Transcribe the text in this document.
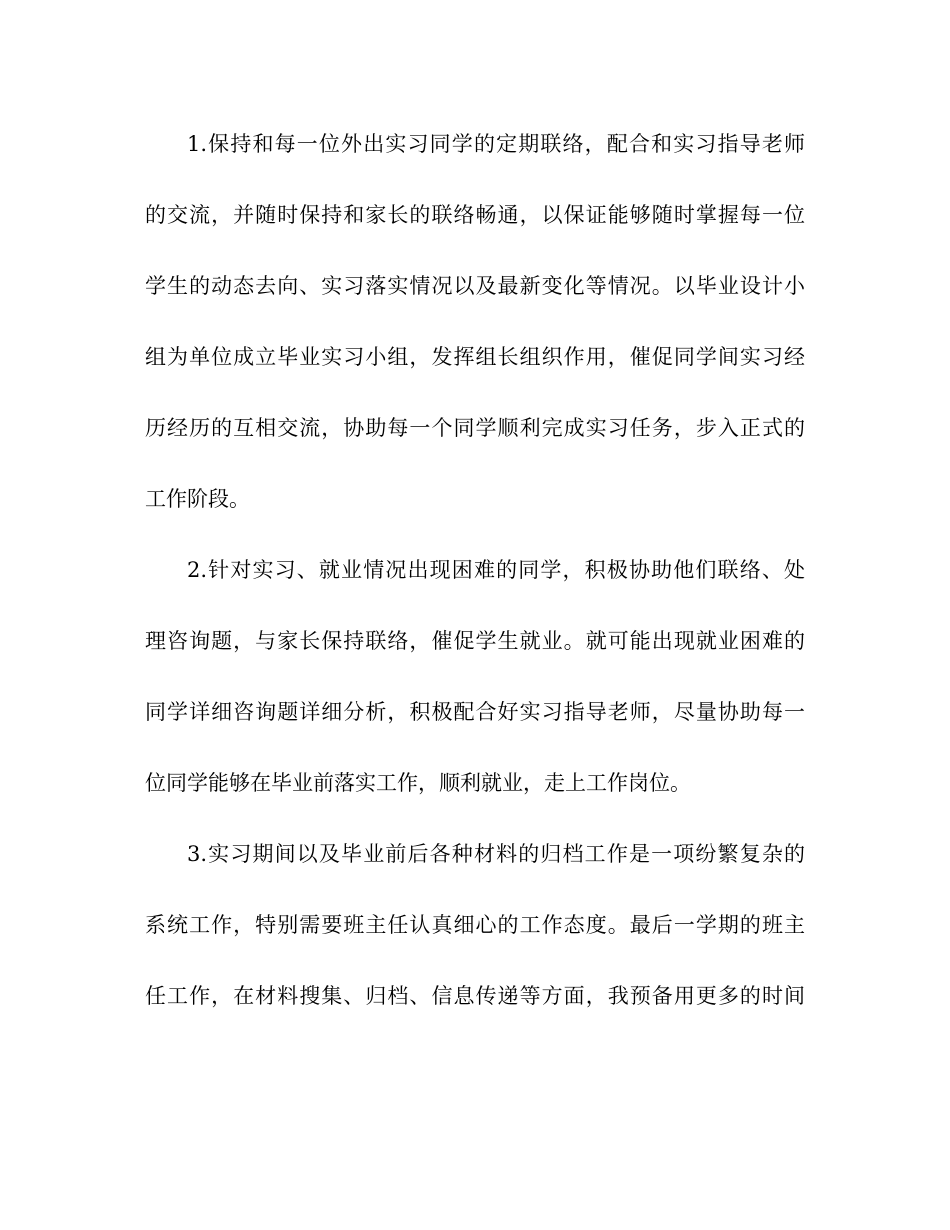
1.保持和每一位外出实习同学的定期联络，配合和实习指导老师
的交流，并随时保持和家长的联络畅通，以保证能够随时掌握每一位
学生的动态去向、实习落实情况以及最新变化等情况。以毕业设计小
组为单位成立毕业实习小组，发挥组长组织作用，催促同学间实习经
历经历的互相交流，协助每一个同学顺利完成实习任务，步入正式的
工作阶段。
2.针对实习、就业情况出现困难的同学，积极协助他们联络、处
理咨询题，与家长保持联络，催促学生就业。就可能出现就业困难的
同学详细咨询题详细分析，积极配合好实习指导老师，尽量协助每一
位同学能够在毕业前落实工作，顺利就业，走上工作岗位。
3.实习期间以及毕业前后各种材料的归档工作是一项纷繁复杂的
系统工作，特别需要班主任认真细心的工作态度。最后一学期的班主
任工作，在材料搜集、归档、信息传递等方面，我预备用更多的时间
